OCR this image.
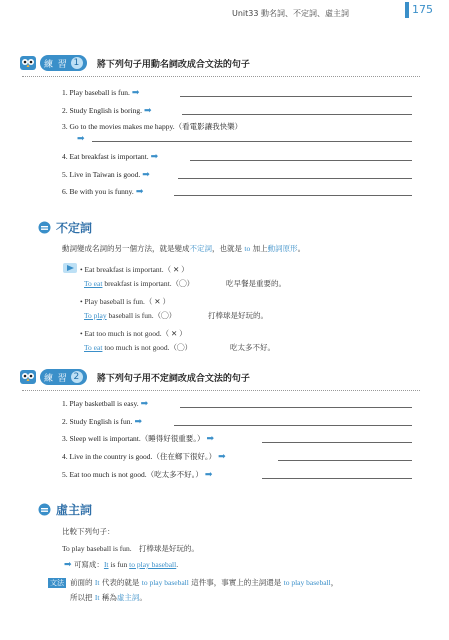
Unit33 動名詞、不定詞、虛主詞	175
練 習 1 將下列句子用動名詞改成合文法的句子
1. Play baseball is fun. ➡
2. Study English is boring. ➡
3. Go to the movies makes me happy.（看電影讓我快樂）
➡
4. Eat breakfast is important. ➡
5. Live in Taiwan is good. ➡
6. Be with you is funny. ➡
不定詞
動詞變成名詞的另一個方法，就是變成不定詞，也就是 to 加上動詞原形。
• Eat breakfast is important.（ ✕ ）
To eat breakfast is important.（◯）	吃早餐是重要的。
• Play baseball is fun.（ ✕ ）
To play baseball is fun.（◯）	打棒球是好玩的。
• Eat too much is not good.（ ✕ ）
To eat too much is not good.（◯）	吃太多不好。
練 習 2 將下列句子用不定詞改成合文法的句子
1. Play basketball is easy. ➡
2. Study English is fun. ➡
3. Sleep well is important.（睡得好很重要。） ➡
4. Live in the country is good.（住在鄉下很好。） ➡
5. Eat too much is not good.（吃太多不好。） ➡
虛主詞
比較下列句子：
To play baseball is fun. 打棒球是好玩的。
➡ 可寫成：It is fun to play baseball.
文法 前面的 It 代表的就是 to play baseball 這件事，事實上的主詞還是 to play baseball，
所以把 It 稱為虛主詞。
